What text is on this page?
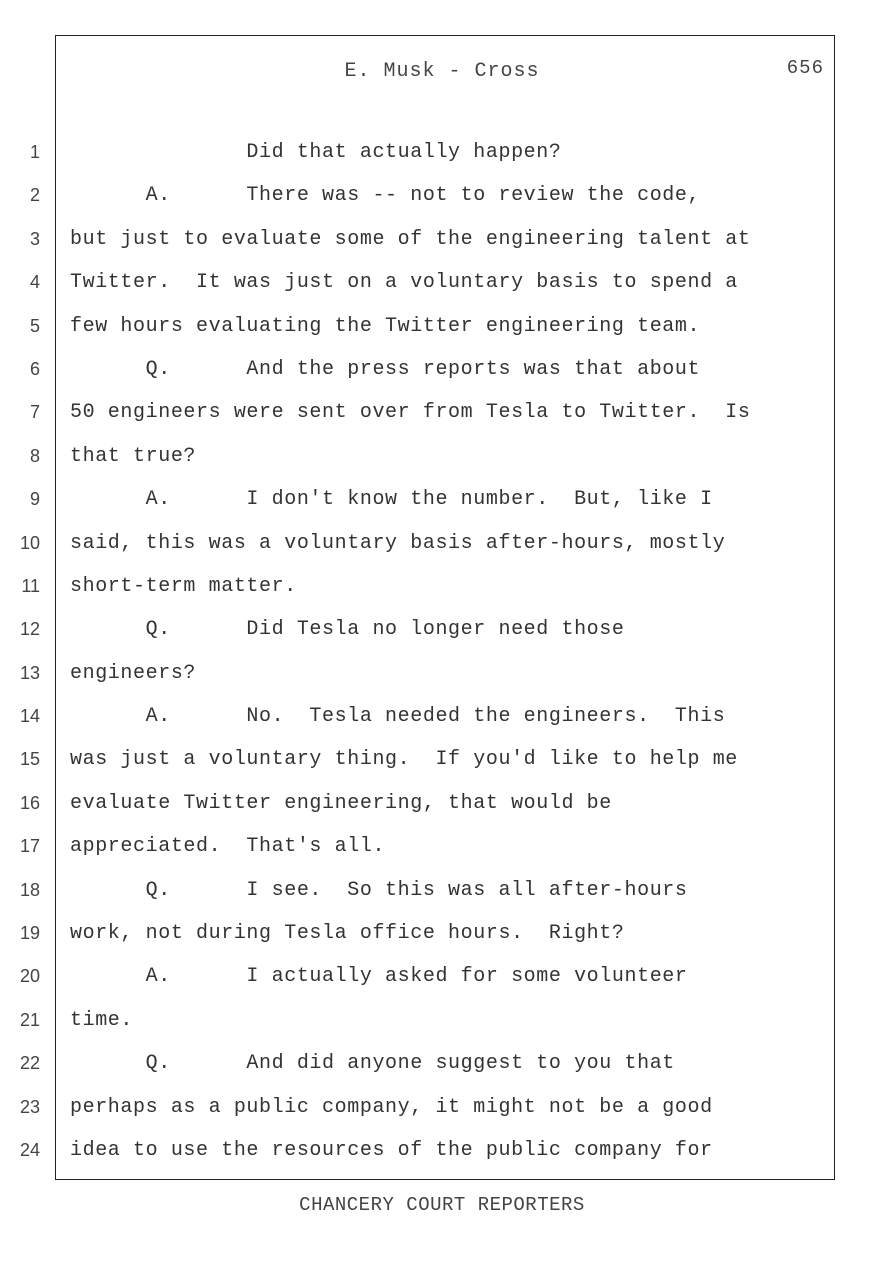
E. Musk - Cross	656
1 Did that actually happen?
2 A.      There was -- not to review the code,
3 but just to evaluate some of the engineering talent at
4 Twitter.  It was just on a voluntary basis to spend a
5 few hours evaluating the Twitter engineering team.
6 Q.      And the press reports was that about
7 50 engineers were sent over from Tesla to Twitter.  Is
8 that true?
9 A.      I don't know the number.  But, like I
10 said, this was a voluntary basis after-hours, mostly
11 short-term matter.
12 Q.      Did Tesla no longer need those
13 engineers?
14 A.      No.  Tesla needed the engineers.  This
15 was just a voluntary thing.  If you'd like to help me
16 evaluate Twitter engineering, that would be
17 appreciated.  That's all.
18 Q.      I see.  So this was all after-hours
19 work, not during Tesla office hours.  Right?
20 A.      I actually asked for some volunteer
21 time.
22 Q.      And did anyone suggest to you that
23 perhaps as a public company, it might not be a good
24 idea to use the resources of the public company for
CHANCERY COURT REPORTERS
